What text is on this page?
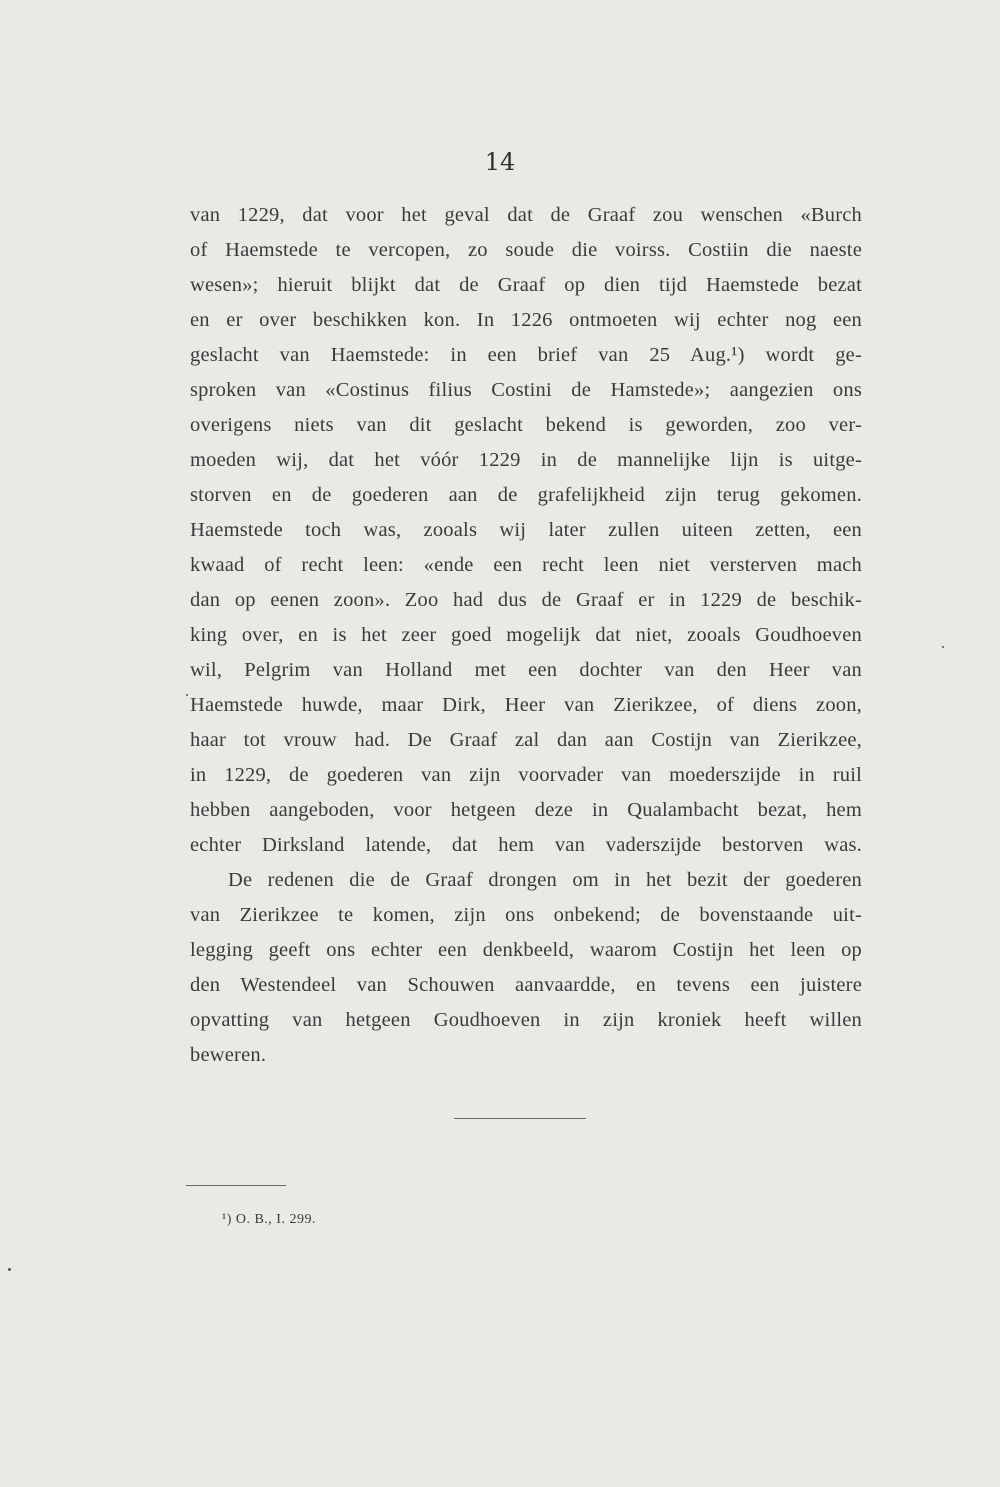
14
van 1229, dat voor het geval dat de Graaf zou wenschen «Burch
of Haemstede te vercopen, zo soude die voirss. Costiin die naeste
wesen»; hieruit blijkt dat de Graaf op dien tijd Haemstede bezat
en er over beschikken kon. In 1226 ontmoeten wij echter nog een
geslacht van Haemstede: in een brief van 25 Aug.¹) wordt ge-
sproken van «Costinus filius Costini de Hamstede»; aangezien ons
overigens niets van dit geslacht bekend is geworden, zoo ver-
moeden wij, dat het vóór 1229 in de mannelijke lijn is uitge-
storven en de goederen aan de grafelijkheid zijn terug gekomen.
Haemstede toch was, zooals wij later zullen uiteen zetten, een
kwaad of recht leen: «ende een recht leen niet versterven mach
dan op eenen zoon». Zoo had dus de Graaf er in 1229 de beschik-
king over, en is het zeer goed mogelijk dat niet, zooals Goudhoeven
wil, Pelgrim van Holland met een dochter van den Heer van
Haemstede huwde, maar Dirk, Heer van Zierikzee, of diens zoon,
haar tot vrouw had. De Graaf zal dan aan Costijn van Zierikzee,
in 1229, de goederen van zijn voorvader van moederszijde in ruil
hebben aangeboden, voor hetgeen deze in Qualambacht bezat, hem
echter Dirksland latende, dat hem van vaderszijde bestorven was.
De redenen die de Graaf drongen om in het bezit der goederen
van Zierikzee te komen, zijn ons onbekend; de bovenstaande uit-
legging geeft ons echter een denkbeeld, waarom Costijn het leen op
den Westendeel van Schouwen aanvaardde, en tevens een juistere
opvatting van hetgeen Goudhoeven in zijn kroniek heeft willen
beweren.
¹) O. B., I. 299.
